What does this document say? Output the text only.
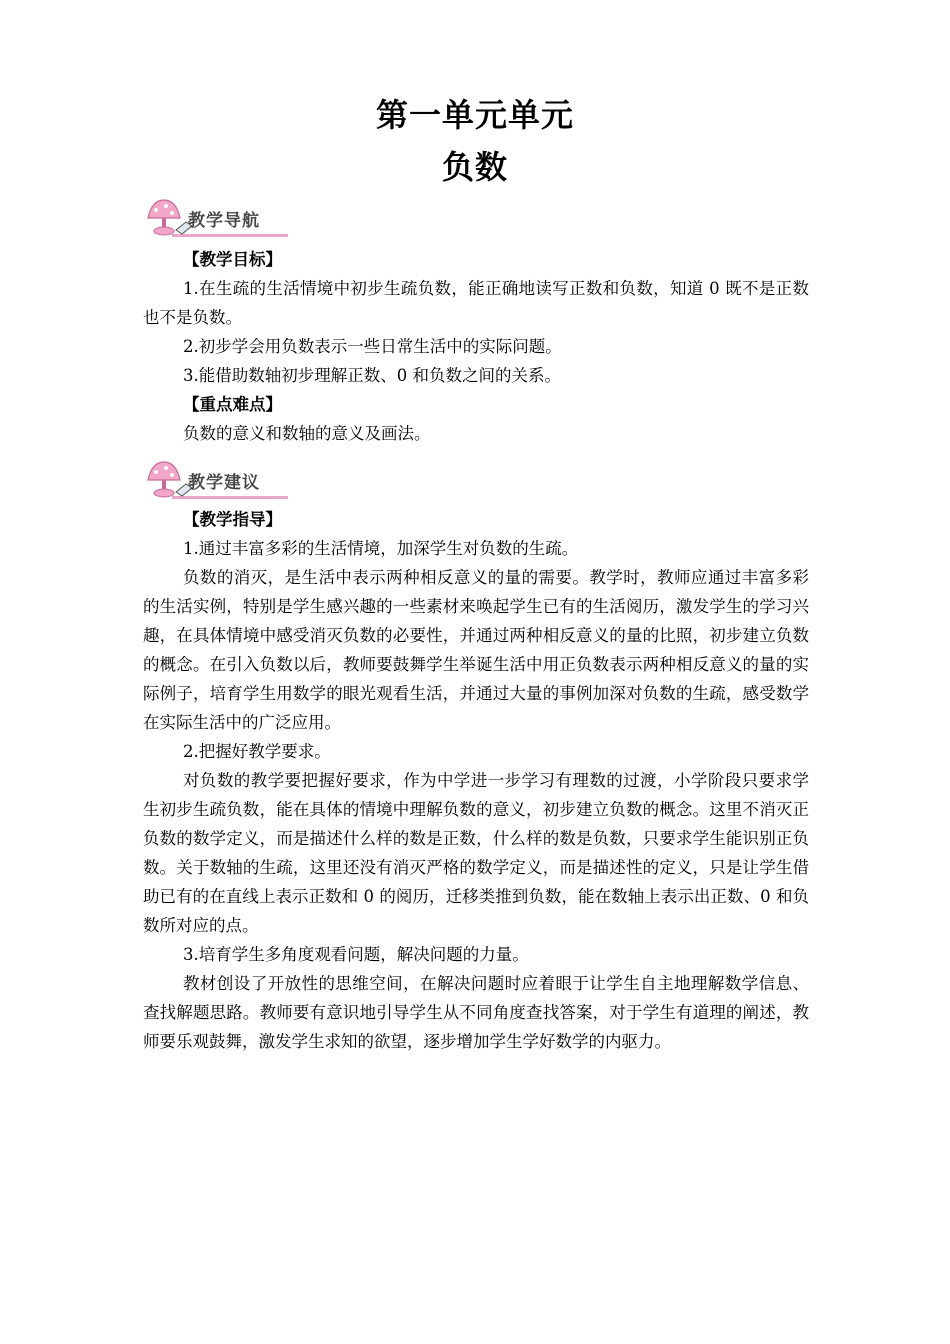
第一单元单元
负数
教学导航

【教学目标】

1.在生疏的生活情境中初步生疏负数，能正确地读写正数和负数，知道 0 既不是正数也不是负数。

2.初步学会用负数表示一些日常生活中的实际问题。

3.能借助数轴初步理解正数、0 和负数之间的关系。

【重点难点】

负数的意义和数轴的意义及画法。

教学建议

【教学指导】

1.通过丰富多彩的生活情境，加深学生对负数的生疏。

负数的消灭，是生活中表示两种相反意义的量的需要。教学时，教师应通过丰富多彩的生活实例，特别是学生感兴趣的一些素材来唤起学生已有的生活阅历，激发学生的学习兴趣，在具体情境中感受消灭负数的必要性，并通过两种相反意义的量的比照，初步建立负数的概念。在引入负数以后，教师要鼓舞学生举诞生活中用正负数表示两种相反意义的量的实际例子，培育学生用数学的眼光观看生活，并通过大量的事例加深对负数的生疏，感受数学在实际生活中的广泛应用。

2.把握好教学要求。

对负数的教学要把握好要求，作为中学进一步学习有理数的过渡，小学阶段只要求学生初步生疏负数，能在具体的情境中理解负数的意义，初步建立负数的概念。这里不消灭正负数的数学定义，而是描述什么样的数是正数，什么样的数是负数，只要求学生能识别正负数。关于数轴的生疏，这里还没有消灭严格的数学定义，而是描述性的定义，只是让学生借助已有的在直线上表示正数和 0 的阅历，迁移类推到负数，能在数轴上表示出正数、0 和负数所对应的点。

3.培育学生多角度观看问题，解决问题的力量。

教材创设了开放性的思维空间，在解决问题时应着眼于让学生自主地理解数学信息、查找解题思路。教师要有意识地引导学生从不同角度查找答案，对于学生有道理的阐述，教师要乐观鼓舞，激发学生求知的欲望，逐步增加学生学好数学的内驱力。
